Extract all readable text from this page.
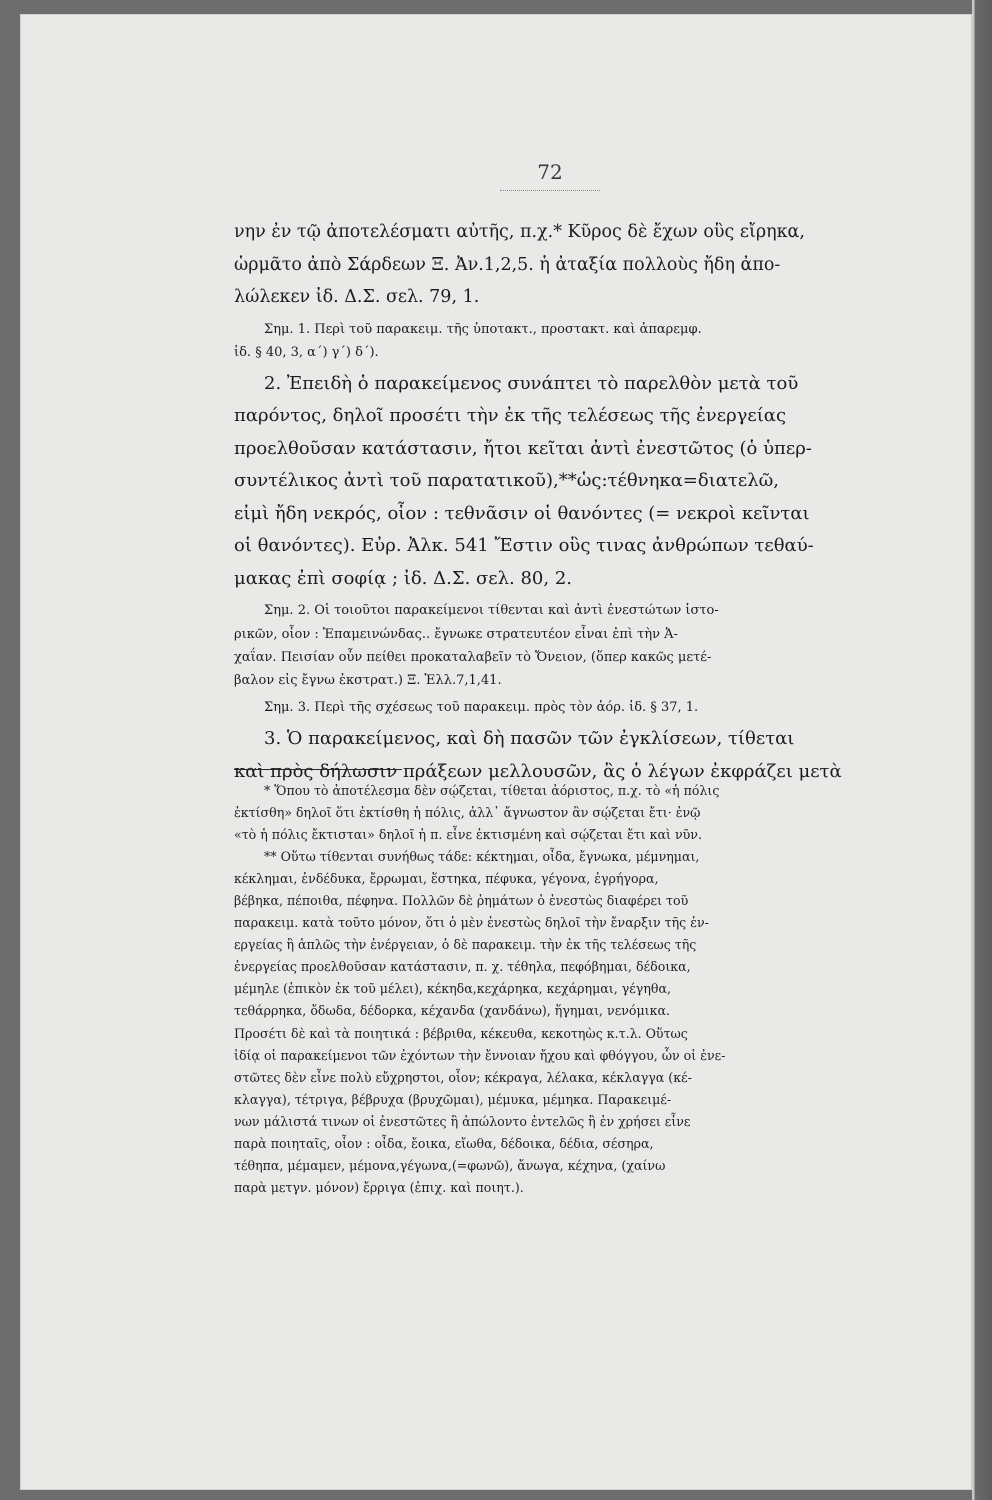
72
νην ἐν τῷ ἀποτελέσματι αὐτῆς, π.χ.* Κῦρος δὲ ἔχων οὓς εἴρηκα,
ὡρμᾶτο ἀπὸ Σάρδεων Ξ. Ἀν.1,2,5. ἡ ἀταξία πολλοὺς ἤδη ἀπο-
λώλεκεν ἰδ. Δ.Σ. σελ. 79, 1.
Σημ. 1. Περὶ τοῦ παρακειμ. τῆς ὑποτακτ., προστακτ. καὶ ἀπαρεμφ.
ἰδ. § 40, 3, α΄) γ΄) δ΄).
2. Ἐπειδὴ ὁ παρακείμενος συνάπτει τὸ παρελθὸν μετὰ τοῦ
παρόντος, δηλοῖ προσέτι τὴν ἐκ τῆς τελέσεως τῆς ἐνεργείας
προελθοῦσαν κατάστασιν, ἤτοι κεῖται ἀντὶ ἐνεστῶτος (ὁ ὑπερ-
συντέλικος ἀντὶ τοῦ παρατατικοῦ),**ὡς:τέθνηκα=διατελῶ,
εἰμὶ ἤδη νεκρός, οἷον : τεθνᾶσιν οἱ θανόντες (= νεκροὶ κεῖνται
οἱ θανόντες). Εὐρ. Ἀλκ. 541 Ἔστιν οὓς τινας ἀνθρώπων τεθαύ-
μακας ἐπὶ σοφίᾳ ; ἰδ. Δ.Σ. σελ. 80, 2.
Σημ. 2. Οἱ τοιοῦτοι παρακείμενοι τίθενται καὶ ἀντὶ ἐνεστώτων ἱστο-
ρικῶν, οἷον : Ἐπαμεινώνδας.. ἔγνωκε στρατευτέον εἶναι ἐπὶ τὴν Ἀ-
χαΐαν. Πεισίαν οὖν πείθει προκαταλαβεῖν τὸ Ὄνειον, (ὅπερ κακῶς μετέ-
βαλον εἰς ἔγνω ἐκστρατ.) Ξ. Ἑλλ.7,1,41.
Σημ. 3. Περὶ τῆς σχέσεως τοῦ παρακειμ. πρὸς τὸν ἀόρ. ἰδ. § 37, 1.
3. Ὁ παρακείμενος, καὶ δὴ πασῶν τῶν ἐγκλίσεων, τίθεται
καὶ πρὸς δήλωσιν πράξεων μελλουσῶν, ἃς ὁ λέγων ἐκφράζει μετὰ
* Ὅπου τὸ ἀποτέλεσμα δὲν σῴζεται, τίθεται ἀόριστος, π.χ. τὸ «ἡ πόλις
ἐκτίσθη» δηλοῖ ὅτι ἐκτίσθη ἡ πόλις, ἀλλ᾽ ἄγνωστον ἂν σῴζεται ἔτι· ἐνῷ
«τὸ ἡ πόλις ἔκτισται» δηλοῖ ἡ π. εἶνε ἐκτισμένη καὶ σῴζεται ἔτι καὶ νῦν.
** Οὕτω τίθενται συνήθως τάδε: κέκτημαι, οἶδα, ἔγνωκα, μέμνημαι,
κέκλημαι, ἐνδέδυκα, ἔρρωμαι, ἕστηκα, πέφυκα, γέγονα, ἐγρήγορα,
βέβηκα, πέποιθα, πέφηνα. Πολλῶν δὲ ῥημάτων ὁ ἐνεστὼς διαφέρει τοῦ
παρακειμ. κατὰ τοῦτο μόνον, ὅτι ὁ μὲν ἐνεστὼς δηλοῖ τὴν ἔναρξιν τῆς ἐν-
εργείας ἢ ἁπλῶς τὴν ἐνέργειαν, ὁ δὲ παρακειμ. τὴν ἐκ τῆς τελέσεως τῆς
ἐνεργείας προελθοῦσαν κατάστασιν, π. χ. τέθηλα, πεφόβημαι, δέδοικα,
μέμηλε (ἐπικὸν ἐκ τοῦ μέλει), κέκηδα,κεχάρηκα, κεχάρημαι, γέγηθα,
τεθάρρηκα, ὄδωδα, δέδορκα, κέχανδα (χανδάνω), ἥγημαι, νενόμικα.
Προσέτι δὲ καὶ τὰ ποιητικά : βέβριθα, κέκευθα, κεκοτηὼς κ.τ.λ. Οὕτως
ἰδίᾳ οἱ παρακείμενοι τῶν ἐχόντων τὴν ἔννοιαν ἤχου καὶ φθόγγου, ὧν οἱ ἐνε-
στῶτες δὲν εἶνε πολὺ εὔχρηστοι, οἷον; κέκραγα, λέλακα, κέκλαγγα (κέ-
κλαγγα), τέτριγα, βέβρυχα (βρυχῶμαι), μέμυκα, μέμηκα. Παρακειμέ-
νων μάλιστά τινων οἱ ἐνεστῶτες ἢ ἀπώλοντο ἐντελῶς ἢ ἐν χρήσει εἶνε
παρὰ ποιηταῖς, οἷον : οἶδα, ἔοικα, εἴωθα, δέδοικα, δέδια, σέσηρα,
τέθηπα, μέμαμεν, μέμονα,γέγωνα,(=φωνῶ), ἄνωγα, κέχηνα, (χαίνω
παρὰ μετγν. μόνον) ἔρριγα (ἐπιχ. καὶ ποιητ.).
